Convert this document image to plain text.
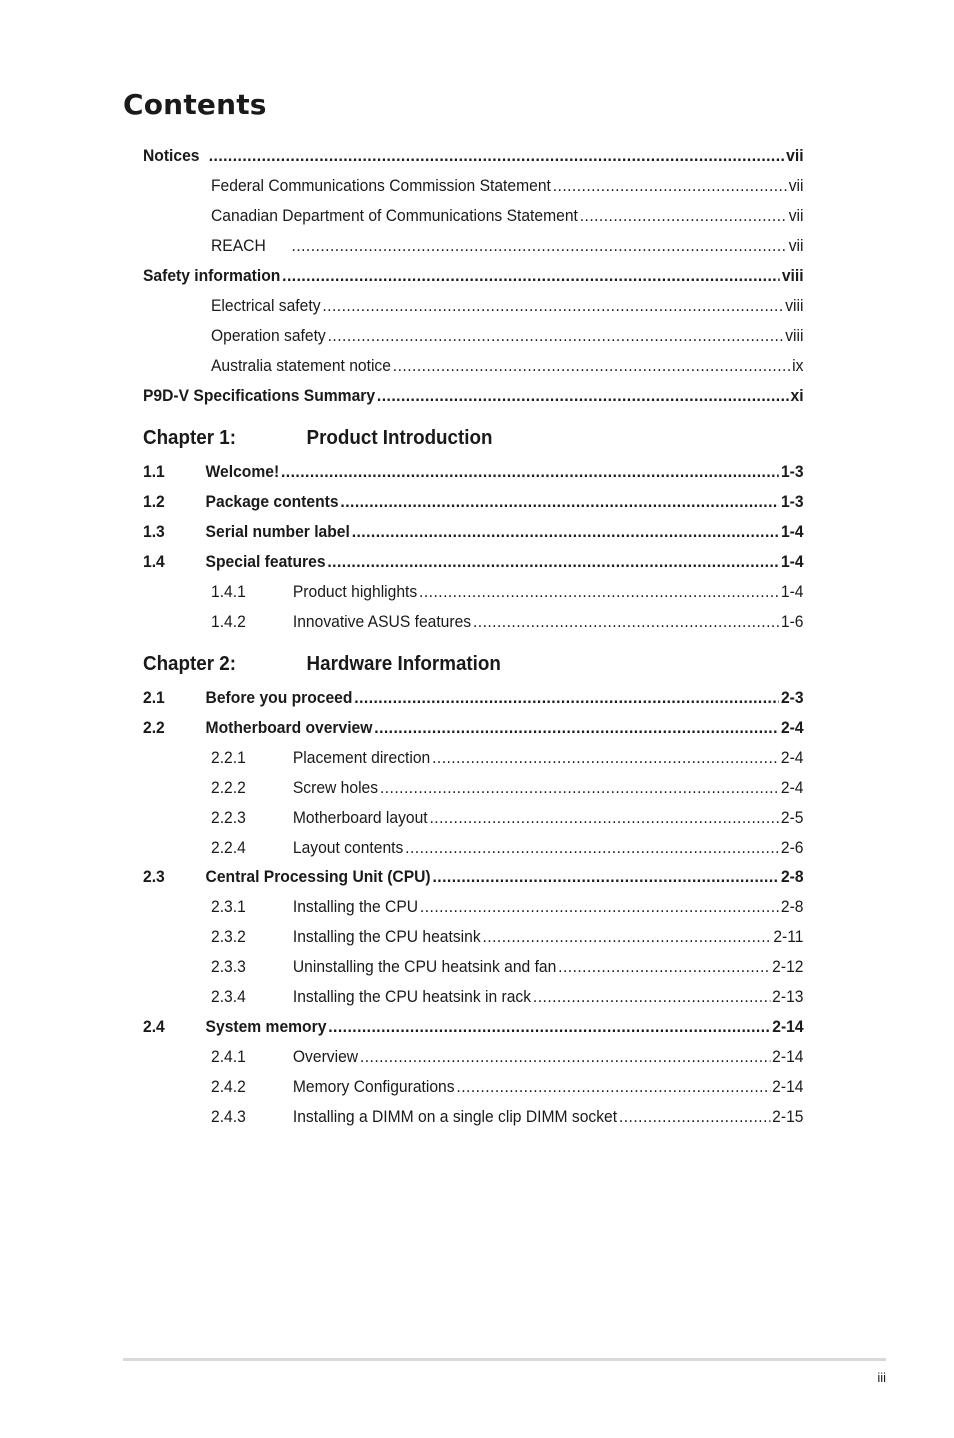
Contents
Notices .....	vii
Federal Communications Commission Statement .....	vii
Canadian Department of Communications Statement .....	vii
REACH .....	vii
Safety information .....	viii
Electrical safety .....	viii
Operation safety .....	viii
Australia statement notice .....	ix
P9D-V Specifications Summary .....	xi
Chapter 1:	Product Introduction
1.1	Welcome! .....	1-3
1.2	Package contents .....	1-3
1.3	Serial number label .....	1-4
1.4	Special features .....	1-4
1.4.1	Product highlights .....	1-4
1.4.2	Innovative ASUS features .....	1-6
Chapter 2:	Hardware Information
2.1	Before you proceed .....	2-3
2.2	Motherboard overview .....	2-4
2.2.1	Placement direction .....	2-4
2.2.2	Screw holes .....	2-4
2.2.3	Motherboard layout .....	2-5
2.2.4	Layout contents .....	2-6
2.3	Central Processing Unit (CPU) .....	2-8
2.3.1	Installing the CPU .....	2-8
2.3.2	Installing the CPU heatsink .....	2-11
2.3.3	Uninstalling the CPU heatsink and fan .....	2-12
2.3.4	Installing the CPU heatsink in rack .....	2-13
2.4	System memory .....	2-14
2.4.1	Overview .....	2-14
2.4.2	Memory Configurations .....	2-14
2.4.3	Installing a DIMM on a single clip DIMM socket .....	2-15
iii
